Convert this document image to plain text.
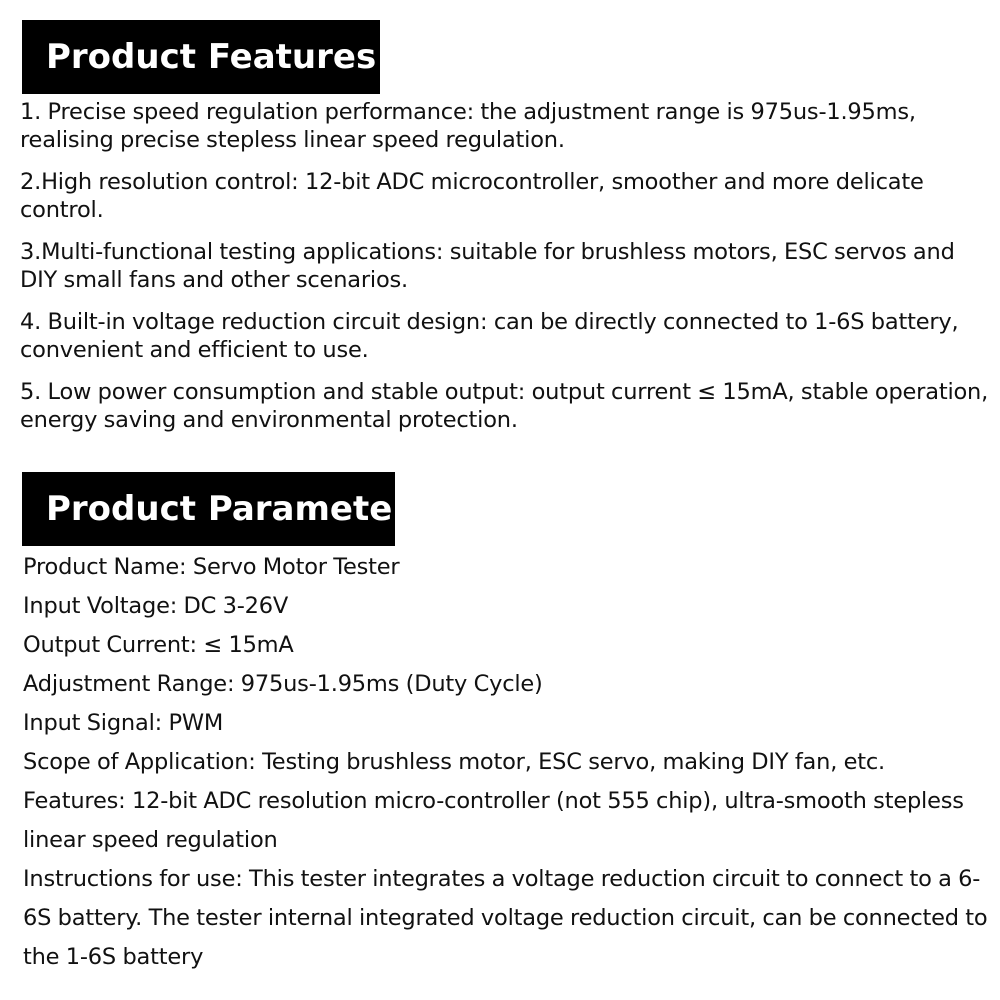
Product Features
1. Precise speed regulation performance: the adjustment range is 975us-1.95ms, realising precise stepless linear speed regulation.
2.High resolution control: 12-bit ADC microcontroller, smoother and more delicate control.
3.Multi-functional testing applications: suitable for brushless motors, ESC servos and DIY small fans and other scenarios.
4. Built-in voltage reduction circuit design: can be directly connected to 1-6S battery, convenient and efficient to use.
5. Low power consumption and stable output: output current ≤ 15mA, stable operation, energy saving and environmental protection.
Product Parameter
Product Name: Servo Motor Tester
Input Voltage: DC 3-26V
Output Current: ≤ 15mA
Adjustment Range: 975us-1.95ms (Duty Cycle)
Input Signal: PWM
Scope of Application: Testing brushless motor, ESC servo, making DIY fan, etc.
Features: 12-bit ADC resolution micro-controller (not 555 chip), ultra-smooth stepless linear speed regulation
Instructions for use: This tester integrates a voltage reduction circuit to connect to a 6-6S battery. The tester internal integrated voltage reduction circuit, can be connected to the 1-6S battery
